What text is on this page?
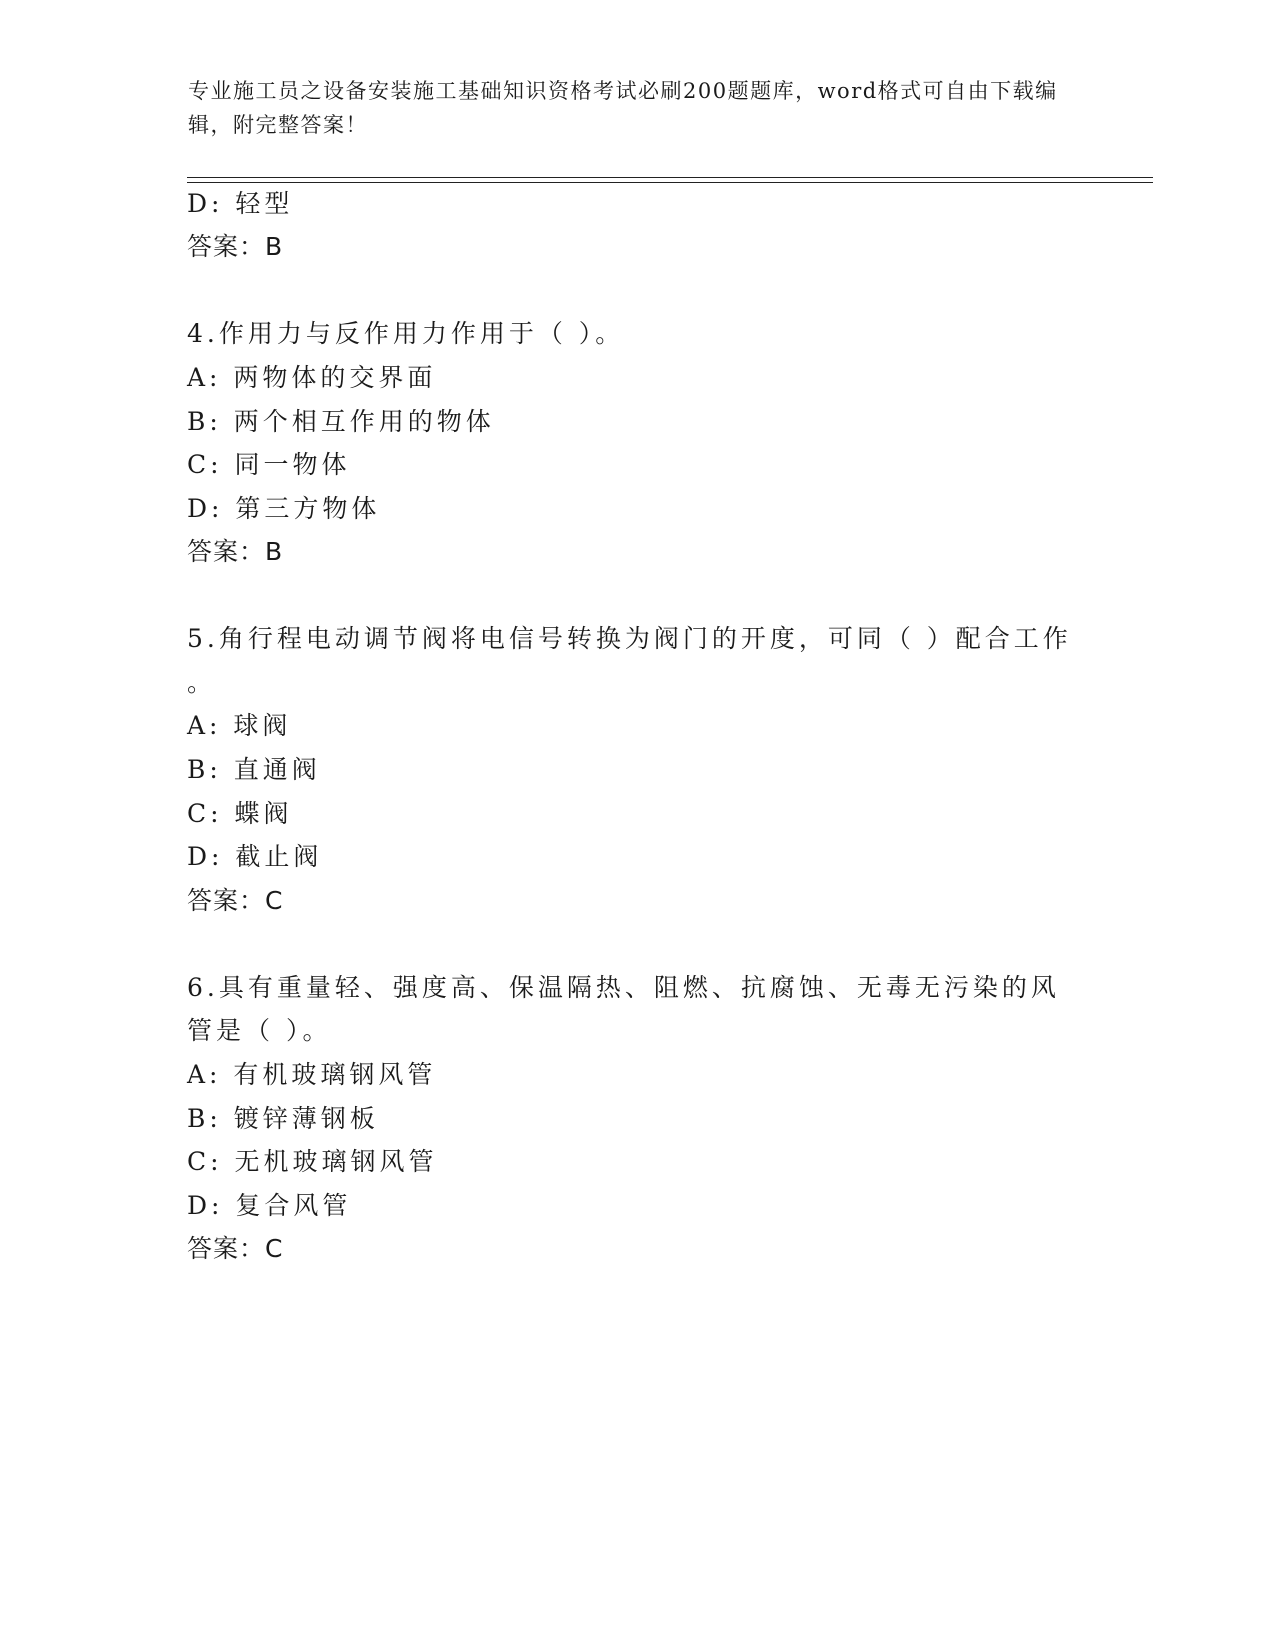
专业施工员之设备安装施工基础知识资格考试必刷200题题库，word格式可自由下载编辑，附完整答案！
D: 轻型
答案：B
4.作用力与反作用力作用于（ ）。
A: 两物体的交界面
B: 两个相互作用的物体
C: 同一物体
D: 第三方物体
答案：B
5.角行程电动调节阀将电信号转换为阀门的开度，可同（ ）配合工作
。
A: 球阀
B: 直通阀
C: 蝶阀
D: 截止阀
答案：C
6.具有重量轻、强度高、保温隔热、阻燃、抗腐蚀、无毒无污染的风
管是（ ）。
A: 有机玻璃钢风管
B: 镀锌薄钢板
C: 无机玻璃钢风管
D: 复合风管
答案：C
